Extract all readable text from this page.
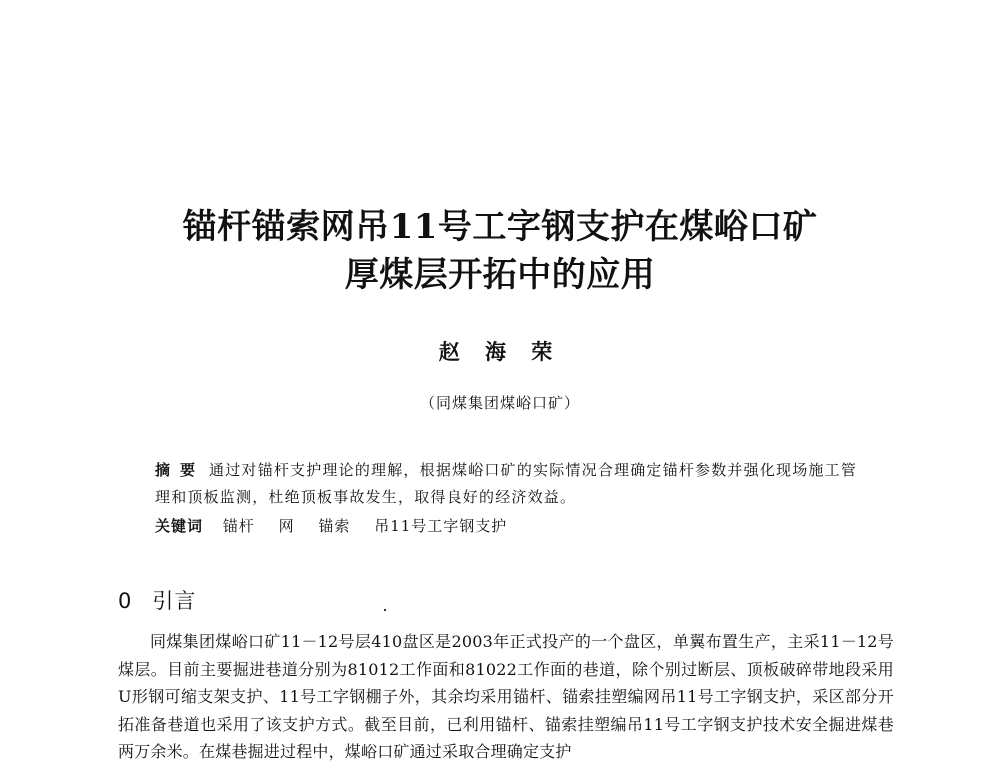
锚杆锚索网吊11号工字钢支护在煤峪口矿
厚煤层开拓中的应用
赵 海 荣
（同煤集团煤峪口矿）
摘要 通过对锚杆支护理论的理解，根据煤峪口矿的实际情况合理确定锚杆参数并强化现场施工管理和顶板监测，杜绝顶板事故发生，取得良好的经济效益。
关键词 锚杆 网 锚索 吊11号工字钢支护
0 引言

同煤集团煤峪口矿11－12号层410盘区是2003年正式投产的一个盘区，单翼布置生产，主采11－12号煤层。目前主要掘进巷道分别为81012工作面和81022工作面的巷道，除个别过断层、顶板破碎带地段采用U形钢可缩支架支护、11号工字钢棚子外，其余均采用锚杆、锚索挂塑编网吊11号工字钢支护，采区部分开拓准备巷道也采用了该支护方式。截至目前，已利用锚杆、锚索挂塑编吊11号工字钢支护技术安全掘进煤巷两万余米。在煤巷掘进过程中，煤峪口矿通过采取合理确定支护
